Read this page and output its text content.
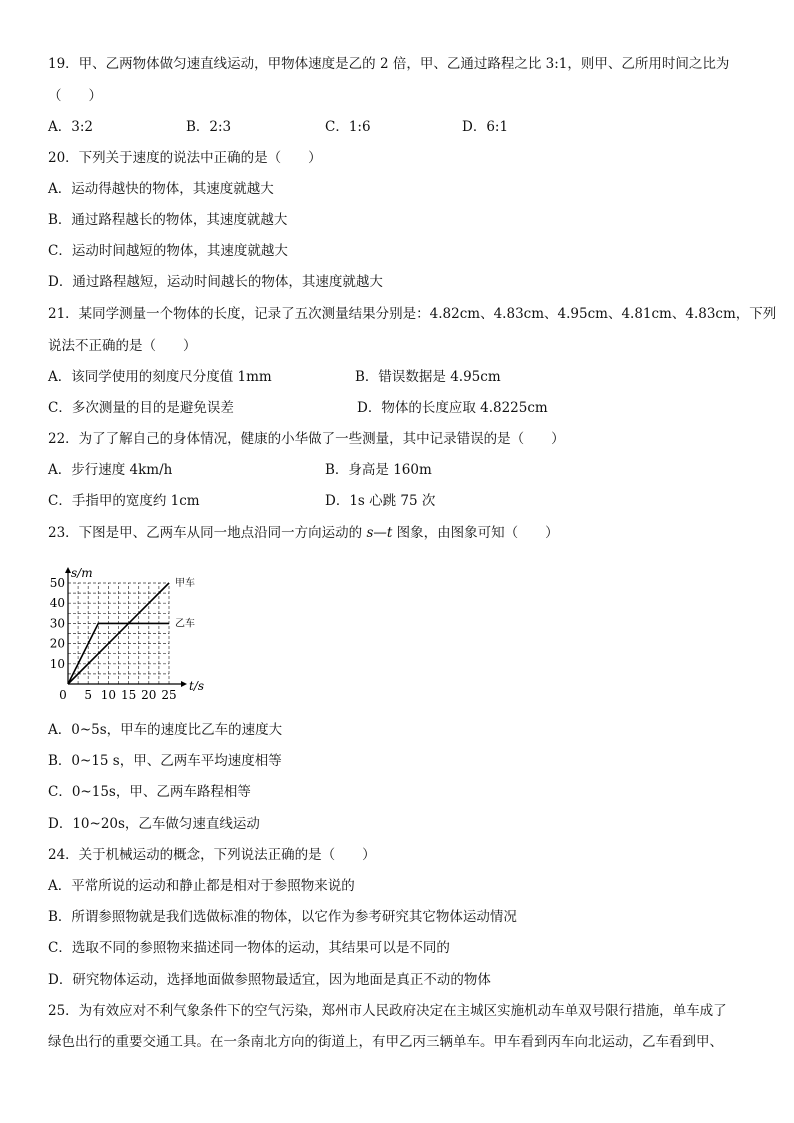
19．甲、乙两物体做匀速直线运动，甲物体速度是乙的 2 倍，甲、乙通过路程之比 3:1，则甲、乙所用时间之比为
（　　）
A．3:2	B．2:3	C．1:6	D．6:1
20．下列关于速度的说法中正确的是（　　）
A．运动得越快的物体，其速度就越大
B．通过路程越长的物体，其速度就越大
C．运动时间越短的物体，其速度就越大
D．通过路程越短，运动时间越长的物体，其速度就越大
21．某同学测量一个物体的长度，记录了五次测量结果分别是：4.82cm、4.83cm、4.95cm、4.81cm、4.83cm，下列
说法不正确的是（　　）
A．该同学使用的刻度尺分度值 1mm	B．错误数据是 4.95cm
C．多次测量的目的是避免误差	D．物体的长度应取 4.8225cm
22．为了了解自己的身体情况，健康的小华做了一些测量，其中记录错误的是（　　）
A．步行速度 4km/h	B．身高是 160m
C．手指甲的宽度约 1cm	D．1s 心跳 75 次
23．下图是甲、乙两车从同一地点沿同一方向运动的 s—t 图象，由图象可知（　　）
s/m
t/s
甲车
乙车
0 5 10 15 20 25
10
20
30
40
50
A．0~5s，甲车的速度比乙车的速度大
B．0~15 s，甲、乙两车平均速度相等
C．0~15s，甲、乙两车路程相等
D．10~20s，乙车做匀速直线运动
24．关于机械运动的概念，下列说法正确的是（　　）
A．平常所说的运动和静止都是相对于参照物来说的
B．所谓参照物就是我们选做标准的物体，以它作为参考研究其它物体运动情况
C．选取不同的参照物来描述同一物体的运动，其结果可以是不同的
D．研究物体运动，选择地面做参照物最适宜，因为地面是真正不动的物体
25．为有效应对不利气象条件下的空气污染，郑州市人民政府决定在主城区实施机动车单双号限行措施，单车成了
绿色出行的重要交通工具。在一条南北方向的街道上，有甲乙丙三辆单车。甲车看到丙车向北运动，乙车看到甲、
